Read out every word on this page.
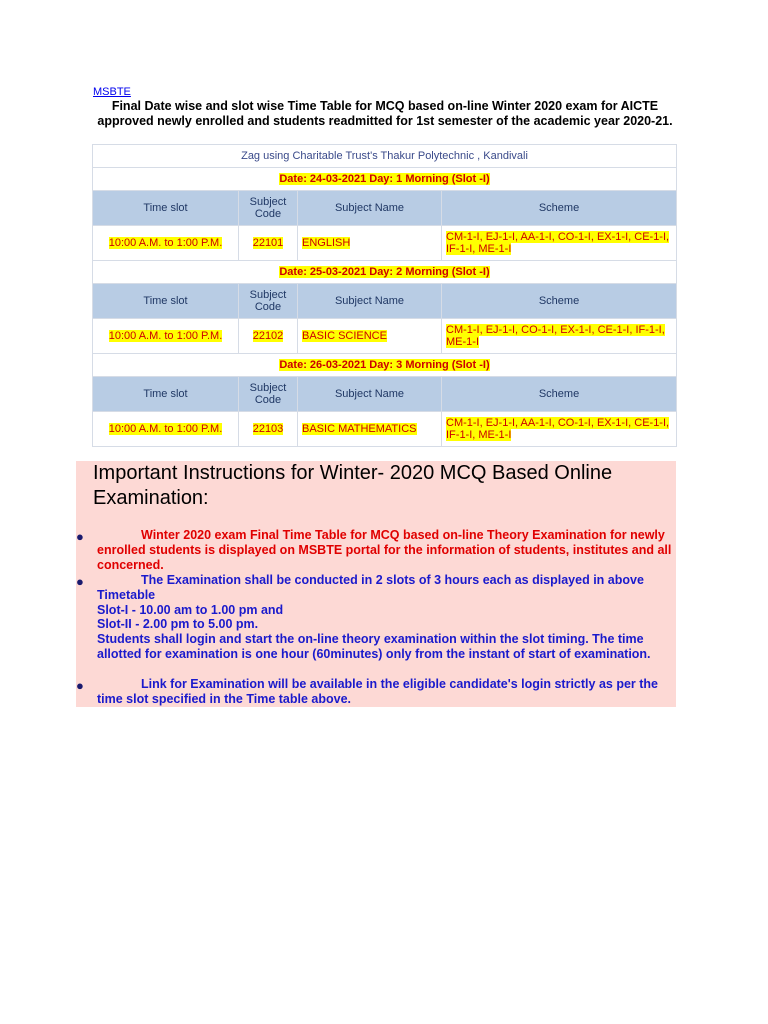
MSBTE
Final Date wise and slot wise Time Table for MCQ based on-line Winter 2020 exam for AICTE approved newly enrolled and students readmitted for 1st semester of the academic year 2020-21.
Zag using Charitable Trust's Thakur Polytechnic , Kandivali			
Date: 24-03-2021 Day: 1 Morning (Slot -I)			
Time slot	Subject Code	Subject Name	Scheme
10:00 A.M. to 1:00 P.M.	22101	ENGLISH	CM-1-I, EJ-1-I, AA-1-I, CO-1-I, EX-1-I, CE-1-I, IF-1-I, ME-1-I
Date: 25-03-2021 Day: 2 Morning (Slot -I)			
Time slot	Subject Code	Subject Name	Scheme
10:00 A.M. to 1:00 P.M.	22102	BASIC SCIENCE	CM-1-I, EJ-1-I, CO-1-I, EX-1-I, CE-1-I, IF-1-I, ME-1-I
Date: 26-03-2021 Day: 3 Morning (Slot -I)			
Time slot	Subject Code	Subject Name	Scheme
10:00 A.M. to 1:00 P.M.	22103	BASIC MATHEMATICS	CM-1-I, EJ-1-I, AA-1-I, CO-1-I, EX-1-I, CE-1-I, IF-1-I, ME-1-I
Important Instructions for Winter- 2020 MCQ Based Online Examination:
●	Winter 2020 exam Final Time Table for MCQ based on-line Theory Examination for newly enrolled students is displayed on MSBTE portal for the information of students, institutes and all concerned.
●	The Examination shall be conducted in 2 slots of 3 hours each as displayed in above Timetable
Slot-I - 10.00 am to 1.00 pm and
Slot-II - 2.00 pm to 5.00 pm.
Students shall login and start the on-line theory examination within the slot timing. The time allotted for examination is one hour (60minutes) only from the instant of start of examination.
●	Link for Examination will be available in the eligible candidate's login strictly as per the time slot specified in the Time table above.
